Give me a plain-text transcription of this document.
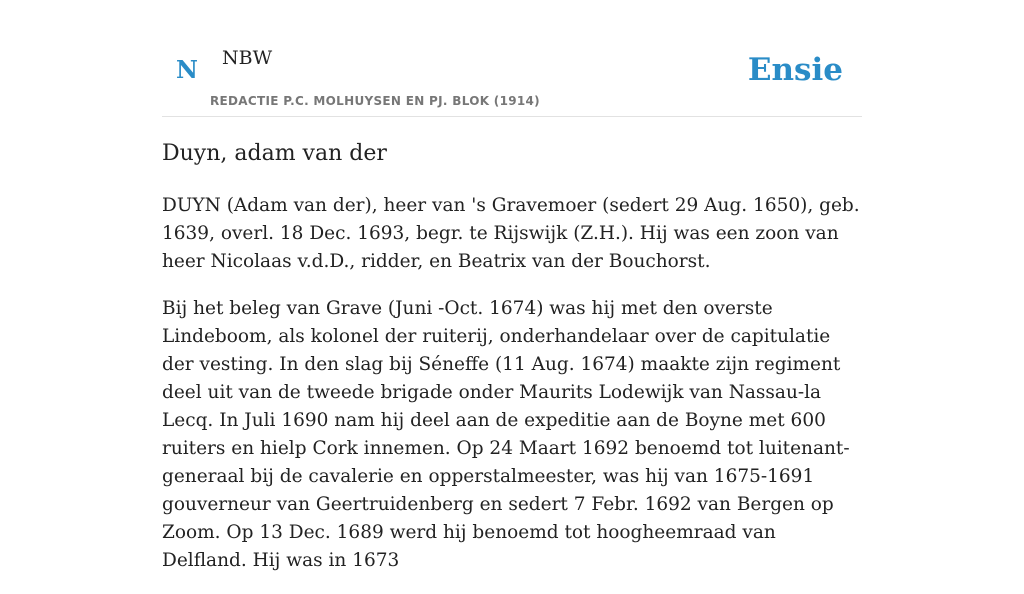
N NBW
REDACTIE P.C. MOLHUYSEN EN PJ. BLOK (1914)
Ensie
Duyn, adam van der

DUYN (Adam van der), heer van 's Gravemoer (sedert 29 Aug. 1650), geb. 1639, overl. 18 Dec. 1693, begr. te Rijswijk (Z.H.). Hij was een zoon van heer Nicolaas v.d.D., ridder, en Beatrix van der Bouchorst.

Bij het beleg van Grave (Juni -Oct. 1674) was hij met den overste Lindeboom, als kolonel der ruiterij, onderhandelaar over de capitulatie der vesting. In den slag bij Séneffe (11 Aug. 1674) maakte zijn regiment deel uit van de tweede brigade onder Maurits Lodewijk van Nassau-la Lecq. In Juli 1690 nam hij deel aan de expeditie aan de Boyne met 600 ruiters en hielp Cork innemen. Op 24 Maart 1692 benoemd tot luitenant-generaal bij de cavalerie en opperstalmeester, was hij van 1675-1691 gouverneur van Geertruidenberg en sedert 7 Febr. 1692 van Bergen op Zoom. Op 13 Dec. 1689 werd hij benoemd tot hoogheemraad van Delfland. Hij was in 1673
